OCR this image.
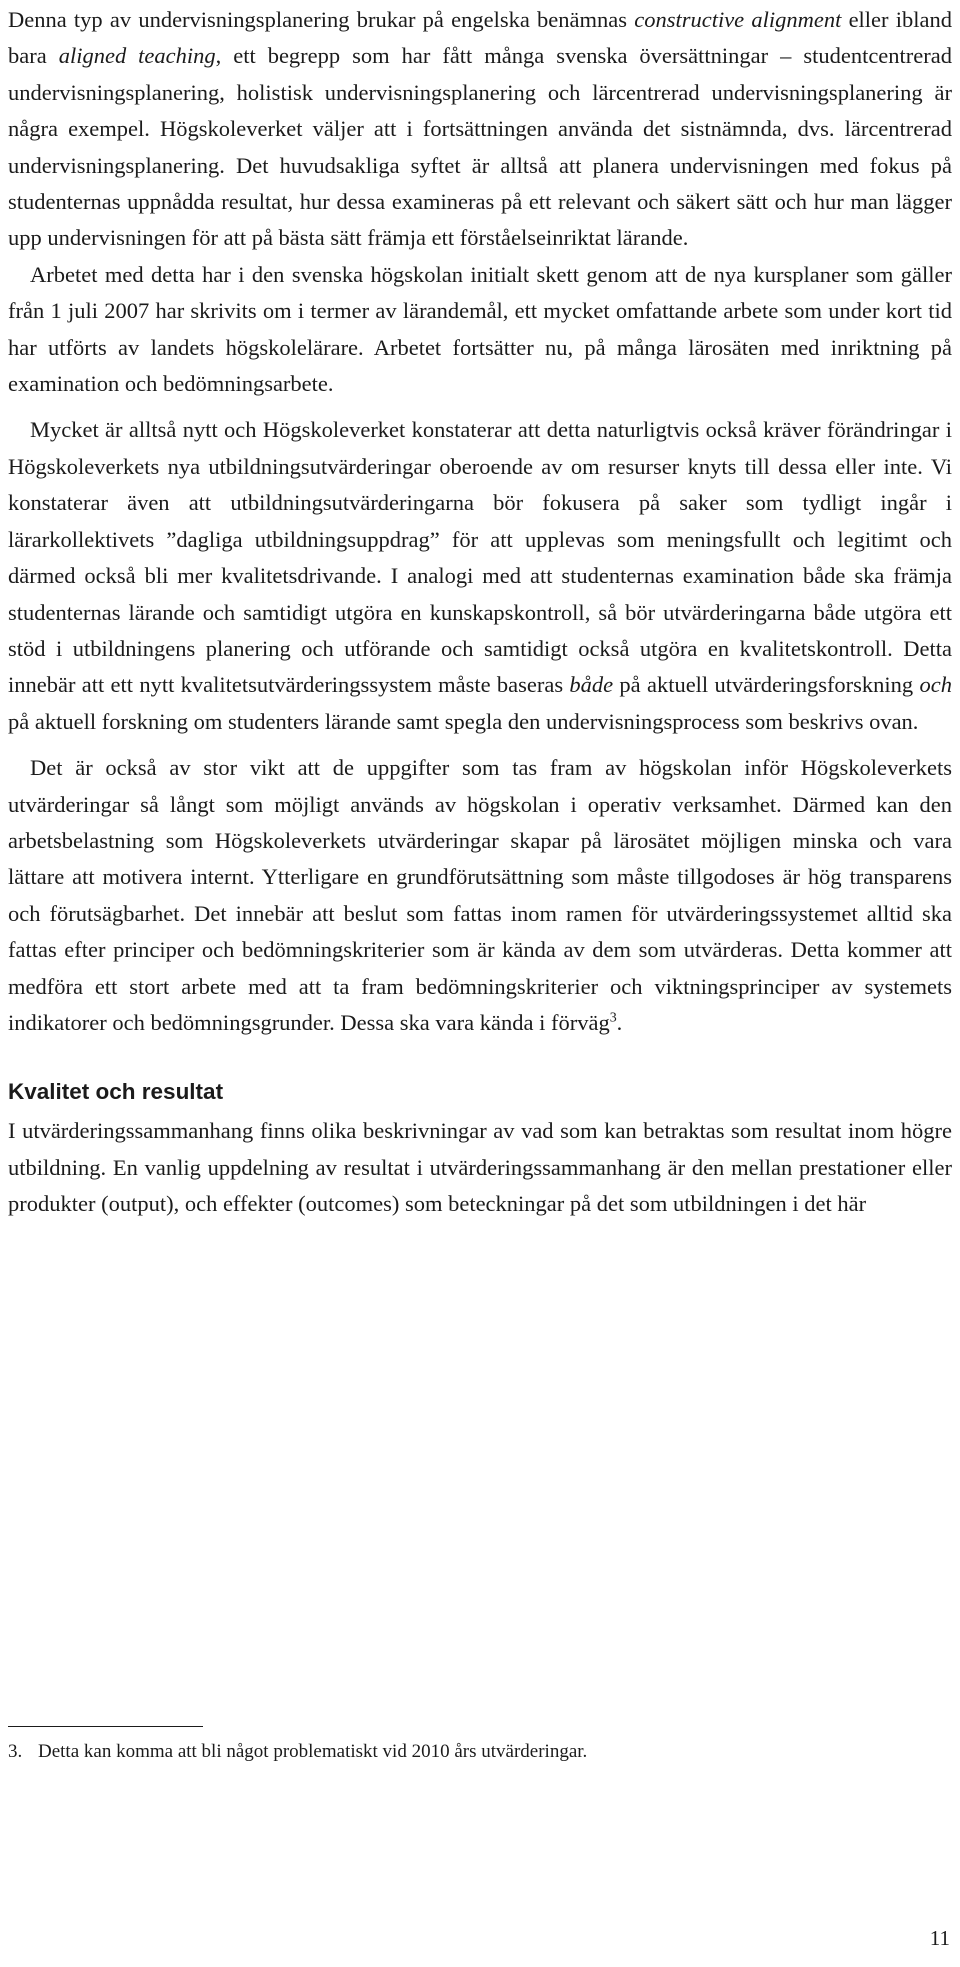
Denna typ av undervisningsplanering brukar på engelska benämnas constructive alignment eller ibland bara aligned teaching, ett begrepp som har fått många svenska översättningar – studentcentrerad undervisningsplanering, holistisk undervisningsplanering och lärcentrerad undervisningsplanering är några exempel. Högskoleverket väljer att i fortsättningen använda det sistnämnda, dvs. lärcentrerad undervisningsplanering. Det huvudsakliga syftet är alltså att planera undervisningen med fokus på studenternas uppnådda resultat, hur dessa examineras på ett relevant och säkert sätt och hur man lägger upp undervisningen för att på bästa sätt främja ett förståelseinriktat lärande.

Arbetet med detta har i den svenska högskolan initialt skett genom att de nya kursplaner som gäller från 1 juli 2007 har skrivits om i termer av lärandemål, ett mycket omfattande arbete som under kort tid har utförts av landets högskolelärare. Arbetet fortsätter nu, på många lärosäten med inriktning på examination och bedömningsarbete.

Mycket är alltså nytt och Högskoleverket konstaterar att detta naturligtvis också kräver förändringar i Högskoleverkets nya utbildningsutvärderingar oberoende av om resurser knyts till dessa eller inte. Vi konstaterar även att utbildningsutvärderingarna bör fokusera på saker som tydligt ingår i lärarkollektivets ”dagliga utbildningsuppdrag” för att upplevas som meningsfullt och legitimt och därmed också bli mer kvalitetsdrivande. I analogi med att studenternas examination både ska främja studenternas lärande och samtidigt utgöra en kunskapskontroll, så bör utvärderingarna både utgöra ett stöd i utbildningens planering och utförande och samtidigt också utgöra en kvalitetskontroll. Detta innebär att ett nytt kvalitetsutvärderingssystem måste baseras både på aktuell utvärderingsforskning och på aktuell forskning om studenters lärande samt spegla den undervisningsprocess som beskrivs ovan.

Det är också av stor vikt att de uppgifter som tas fram av högskolan inför Högskoleverkets utvärderingar så långt som möjligt används av högskolan i operativ verksamhet. Därmed kan den arbetsbelastning som Högskoleverkets utvärderingar skapar på lärosätet möjligen minska och vara lättare att motivera internt. Ytterligare en grundförutsättning som måste tillgodoses är hög transparens och förutsägbarhet. Det innebär att beslut som fattas inom ramen för utvärderingssystemet alltid ska fattas efter principer och bedömningskriterier som är kända av dem som utvärderas. Detta kommer att medföra ett stort arbete med att ta fram bedömningskriterier och viktningsprinciper av systemets indikatorer och bedömningsgrunder. Dessa ska vara kända i förväg$^3$.

Kvalitet och resultat

I utvärderingssammanhang finns olika beskrivningar av vad som kan betraktas som resultat inom högre utbildning. En vanlig uppdelning av resultat i utvärderingssammanhang är den mellan prestationer eller produkter (output), och effekter (outcomes) som beteckningar på det som utbildningen i det här

3. Detta kan komma att bli något problematiskt vid 2010 års utvärderingar.
11
